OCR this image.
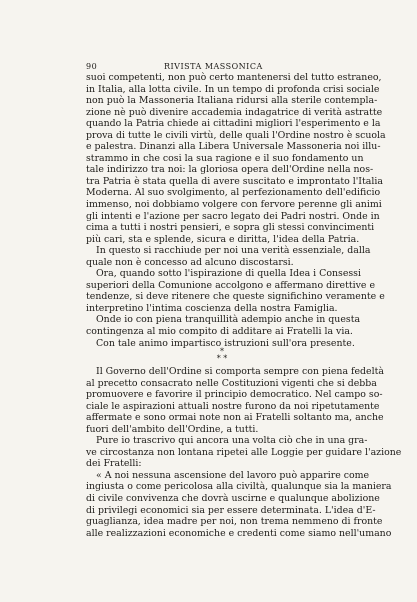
90	RIVISTA MASSONICA
suoi competenti, non può certo mantenersi del tutto estraneo,
in Italia, alla lotta civile. In un tempo di profonda crisi sociale
non può la Massoneria Italiana ridursi alla sterile contempla-
zione nè può divenire accademia indagatrice di verità astratte
quando la Patria chiede ai cittadini migliori l'esperimento e la
prova di tutte le civili virtù, delle quali l'Ordine nostro è scuola
e palestra. Dinanzi alla Libera Universale Massoneria noi illu-
strammo in che cosi la sua ragione e il suo fondamento un
tale indirizzo tra noi: la gloriosa opera dell'Ordine nella nos-
tra Patria è stata quella di avere suscitato e improntato l'Italia
Moderna. Al suo svolgimento, al perfezionamento dell'edificio
immenso, noi dobbiamo volgere con fervore perenne gli animi
gli intenti e l'azione per sacro legato dei Padri nostri. Onde in
cima a tutti i nostri pensieri, e sopra gli stessi convincimenti
più cari, sta e splende, sicura e diritta, l'idea della Patria.
In questo si racchiude per noi una verità essenziale, dalla
quale non è concesso ad alcuno discostarsi.
Ora, quando sotto l'ispirazione di quella Idea i Consessi
superiori della Comunione accolgono e affermano direttive e
tendenze, si deve ritenere che queste significhino veramente e
interpretino l'intima coscienza della nostra Famiglia.
Onde io con piena tranquillità adempio anche in questa
contingenza al mio compito di additare ai Fratelli la via.
Con tale animo impartisco istruzioni sull'ora presente.
*
* *
Il Governo dell'Ordine si comporta sempre con piena fedeltà
al precetto consacrato nelle Costituzioni vigenti che si debba
promuovere e favorire il principio democratico. Nel campo so-
ciale le aspirazioni attuali nostre furono da noi ripetutamente
affermate e sono ormai note non ai Fratelli soltanto ma, anche
fuori dell'ambito dell'Ordine, a tutti.
Pure io trascrivo qui ancora una volta ciò che in una gra-
ve circostanza non lontana ripetei alle Loggie per guidare l'azione
dei Fratelli:
« A noi nessuna ascensione del lavoro può apparire come
ingiusta o come pericolosa alla civiltà, qualunque sia la maniera
di civile convivenza che dovrà uscirne e qualunque abolizione
di privilegi economici sia per essere determinata. L'idea d'E-
guaglianza, idea madre per noi, non trema nemmeno di fronte
alle realizzazioni economiche e credenti come siamo nell'umano
